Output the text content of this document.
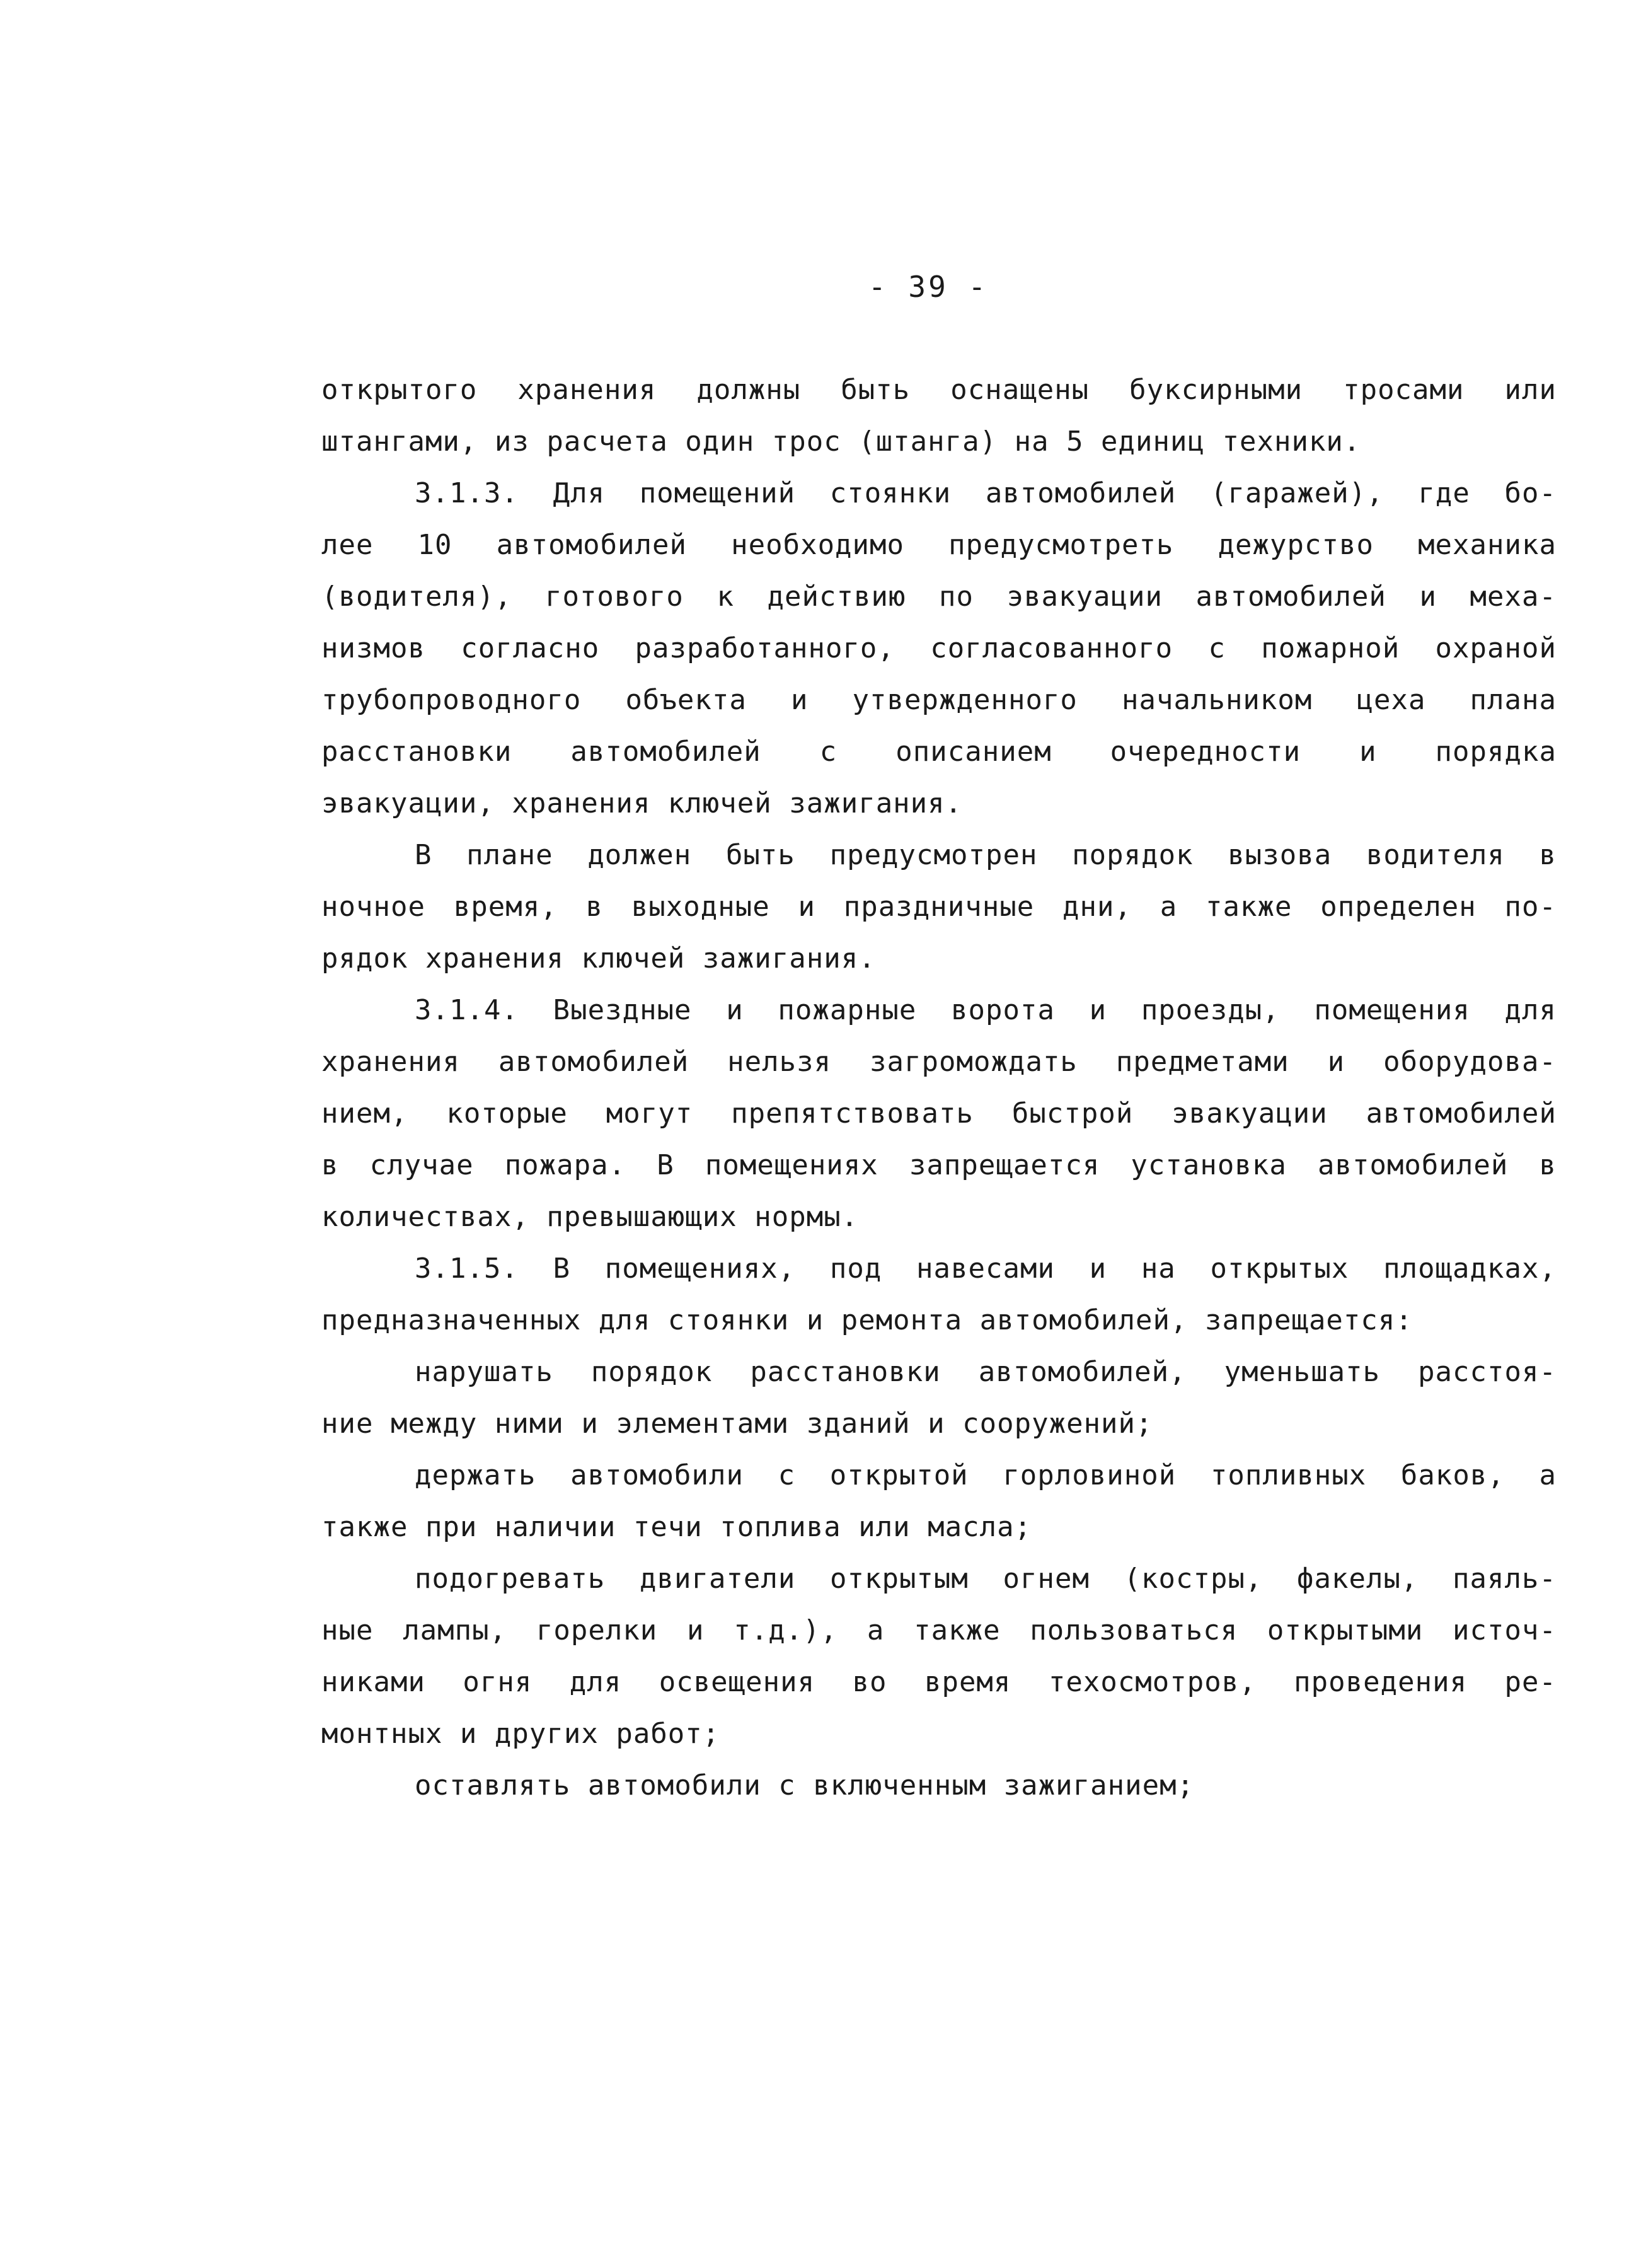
- 39 -
открытого хранения должны быть оснащены буксирными тросами или
штангами, из расчета один трос (штанга) на 5 единиц техники.
3.1.3. Для помещений стоянки автомобилей (гаражей), где бо-
лее 10 автомобилей необходимо предусмотреть дежурство механика
(водителя), готового к действию по эвакуации автомобилей и меха-
низмов согласно разработанного, согласованного с пожарной охраной
трубопроводного объекта и утвержденного начальником цеха плана
расстановки автомобилей с описанием очередности и порядка
эвакуации, хранения ключей зажигания.
В плане должен быть предусмотрен порядок вызова водителя в
ночное время, в выходные и праздничные дни, а также определен по-
рядок хранения ключей зажигания.
3.1.4. Выездные и пожарные ворота и проезды, помещения для
хранения автомобилей нельзя загромождать предметами и оборудова-
нием, которые могут препятствовать быстрой эвакуации автомобилей
в случае пожара. В помещениях запрещается установка автомобилей в
количествах, превышающих нормы.
3.1.5. В помещениях, под навесами и на открытых площадках,
предназначенных для стоянки и ремонта автомобилей, запрещается:
нарушать порядок расстановки автомобилей, уменьшать расстоя-
ние между ними и элементами зданий и сооружений;
держать автомобили с открытой горловиной топливных баков, а
также при наличии течи топлива или масла;
подогревать двигатели открытым огнем (костры, факелы, паяль-
ные лампы, горелки и т.д.), а также пользоваться открытыми источ-
никами огня для освещения во время техосмотров, проведения ре-
монтных и других работ;
оставлять автомобили с включенным зажиганием;
